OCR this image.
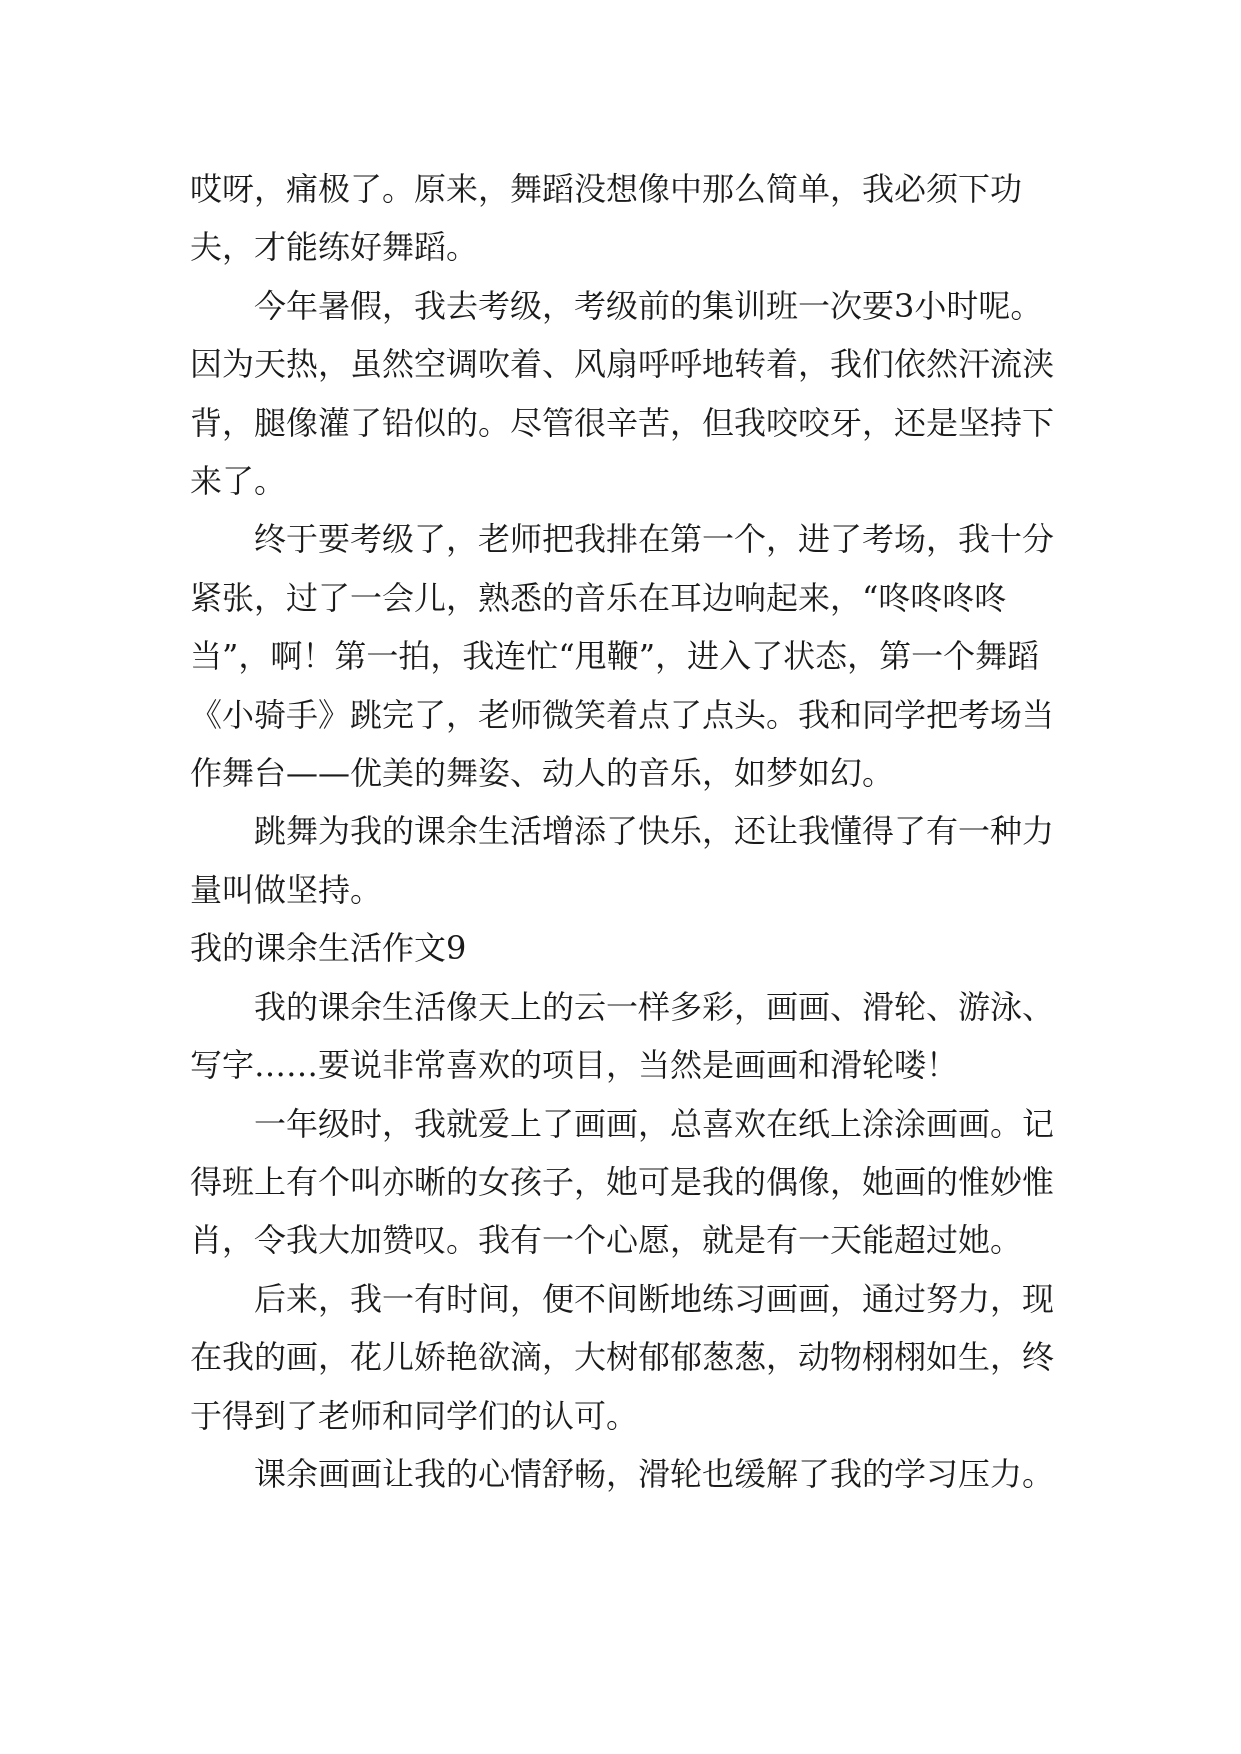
哎呀，痛极了。原来，舞蹈没想像中那么简单，我必须下功夫，才能练好舞蹈。

今年暑假，我去考级，考级前的集训班一次要3小时呢。因为天热，虽然空调吹着、风扇呼呼地转着，我们依然汗流浃背，腿像灌了铅似的。尽管很辛苦，但我咬咬牙，还是坚持下来了。

终于要考级了，老师把我排在第一个，进了考场，我十分紧张，过了一会儿，熟悉的音乐在耳边响起来，“咚咚咚咚当”，啊！第一拍，我连忙“甩鞭”，进入了状态，第一个舞蹈《小骑手》跳完了，老师微笑着点了点头。我和同学把考场当作舞台——优美的舞姿、动人的音乐，如梦如幻。

跳舞为我的课余生活增添了快乐，还让我懂得了有一种力量叫做坚持。

我的课余生活作文9

我的课余生活像天上的云一样多彩，画画、滑轮、游泳、写字……要说非常喜欢的项目，当然是画画和滑轮喽！

一年级时，我就爱上了画画，总喜欢在纸上涂涂画画。记得班上有个叫亦晰的女孩子，她可是我的偶像，她画的惟妙惟肖，令我大加赞叹。我有一个心愿，就是有一天能超过她。

后来，我一有时间，便不间断地练习画画，通过努力，现在我的画，花儿娇艳欲滴，大树郁郁葱葱，动物栩栩如生，终于得到了老师和同学们的认可。

课余画画让我的心情舒畅，滑轮也缓解了我的学习压力。
